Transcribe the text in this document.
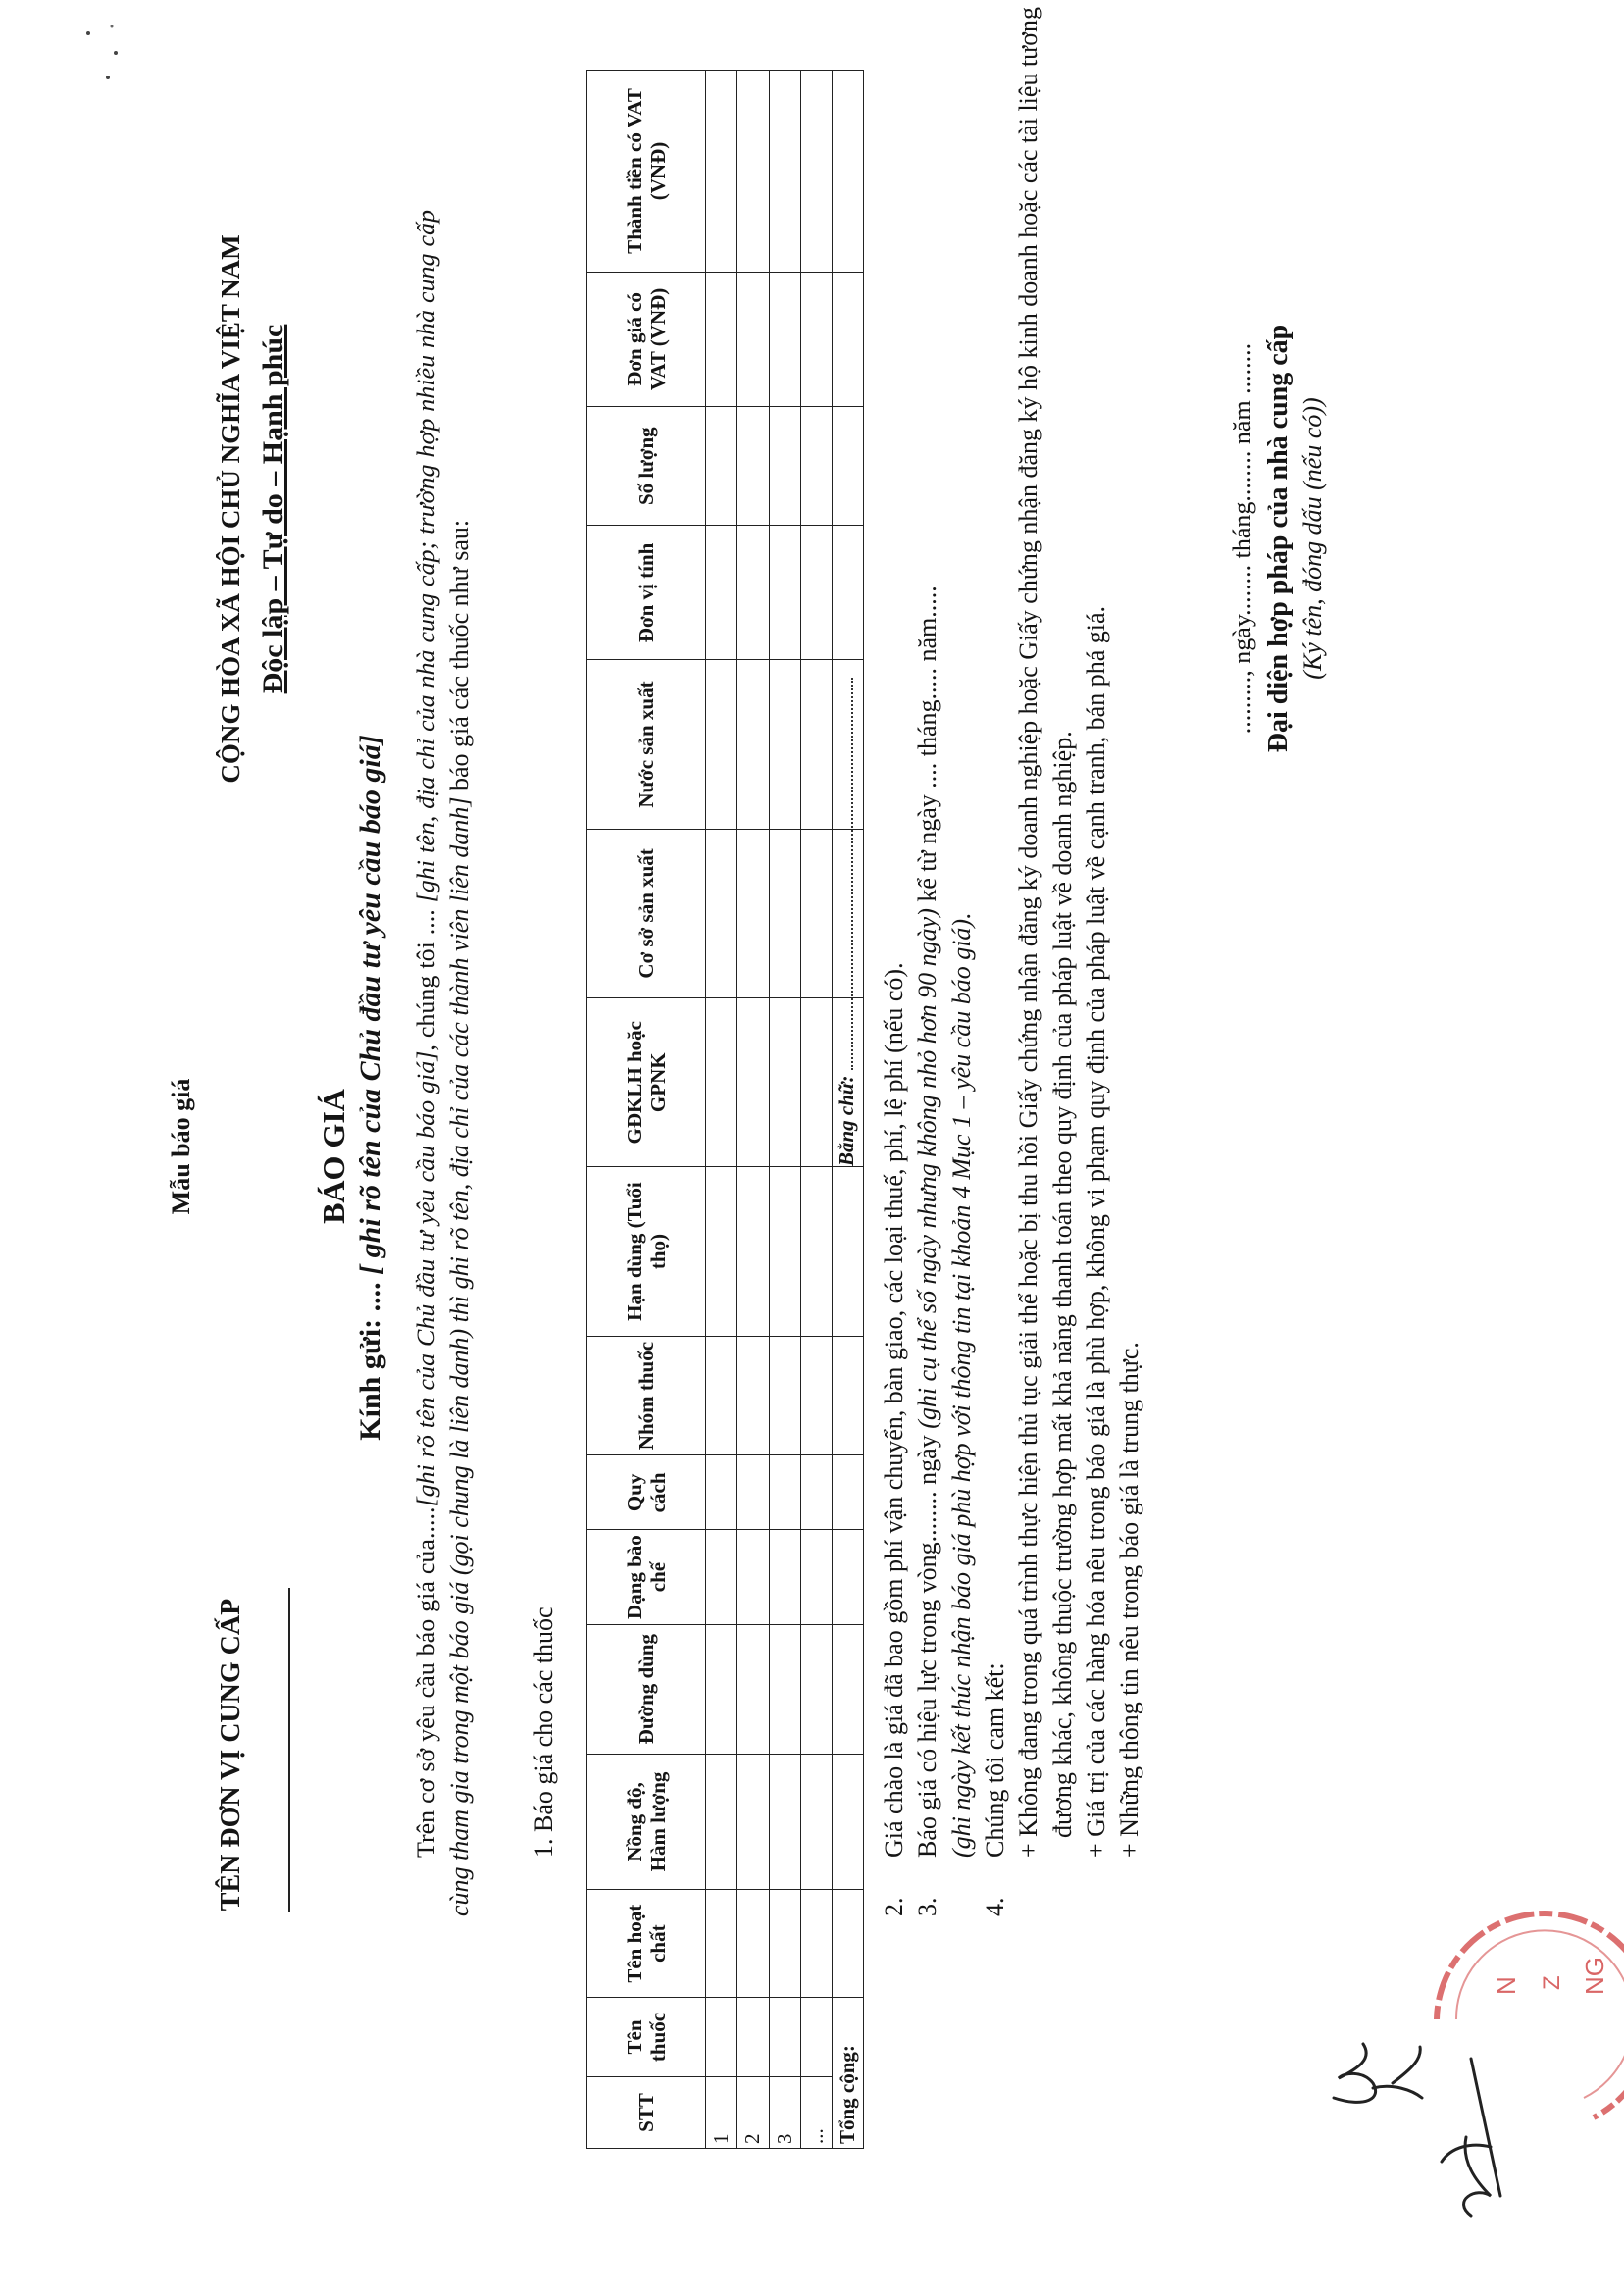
TÊN ĐƠN VỊ CUNG CẤP
Mẫu báo giá
CỘNG HÒA XÃ HỘI CHỦ NGHĨA VIỆT NAM Độc lập – Tự do – Hạnh phúc
BÁO GIÁ
Kính gửi: .... [ ghi rõ tên của Chủ đầu tư yêu cầu báo giá]

Trên cơ sở yêu cầu báo giá của.....[ghi rõ tên của Chủ đầu tư yêu cầu báo giá], chúng tôi .... [ghi tên, địa chỉ của nhà cung cấp; trường hợp nhiều nhà cung cấp cùng tham gia trong một báo giá (gọi chung là liên danh) thì ghi rõ tên, địa chỉ của các thành viên liên danh] báo giá các thuốc như sau:

1. Báo giá cho các thuốc
STT	Tên thuốc	Tên hoạt chất	Nồng độ, Hàm lượng	Đường dùng	Dạng bào chế	Quy cách	Nhóm thuốc	Hạn dùng (Tuổi thọ)	GĐKLH hoặc GPNK	Cơ sở sản xuất	Nước sản xuất	Đơn vị tính	Số lượng	Đơn giá có VAT (VNĐ)	Thành tiền có VAT (VNĐ)
1															
2															
3															
...															
Tổng cộng:															
Bằng chữ:
2.
Giá chào là giá đã bao gồm phí vận chuyển, bàn giao, các loại thuế, phí, lệ phí (nếu có).
3.
Báo giá có hiệu lực trong vòng........ ngày (ghi cụ thể số ngày nhưng không nhỏ hơn 90 ngày) kể từ ngày .... tháng..... năm.....
(ghi ngày kết thúc nhận báo giá phù hợp với thông tin tại khoản 4 Mục 1 – yêu cầu báo giá).
4.
Chúng tôi cam kết: + Không đang trong quá trình thực hiện thủ tục giải thể hoặc bị thu hồi Giấy chứng nhận đăng ký doanh nghiệp hoặc Giấy chứng nhận đăng ký hộ kinh doanh hoặc các tài liệu tương đương khác, không thuộc trường hợp mất khả năng thanh toán theo quy định của pháp luật về doanh nghiệp. + Giá trị của các hàng hóa nêu trong báo giá là phù hợp, không vi phạm quy định của pháp luật về cạnh tranh, bán phá giá. + Những thông tin nêu trong báo giá là trung thực.
........., ngày........ tháng........ năm ........ Đại diện hợp pháp của nhà cung cấp (Ký tên, đóng dấu (nếu có))
N Z NG
